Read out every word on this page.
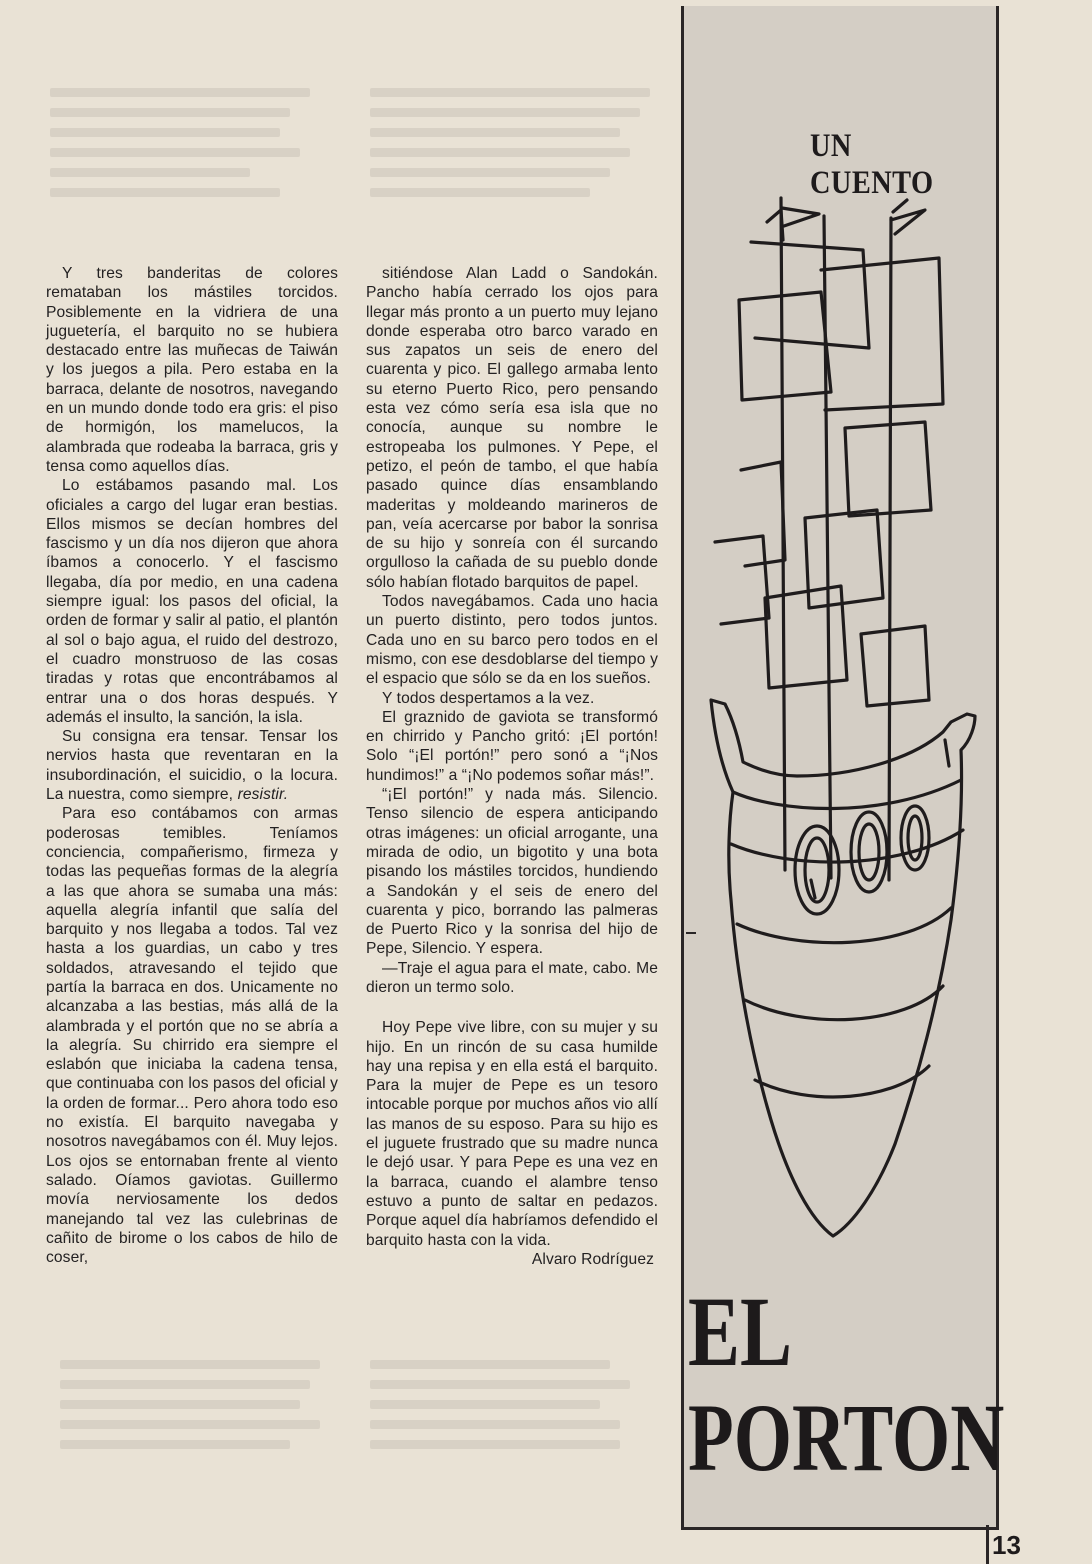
UN CUENTO

Y tres banderitas de colores remataban los mástiles torcidos. Posiblemente en la vidriera de una juguetería, el barquito no se hubiera destacado entre las muñecas de Taiwán y los juegos a pila. Pero estaba en la barraca, delante de nosotros, navegando en un mundo donde todo era gris: el piso de hormigón, los mamelucos, la alambrada que rodeaba la barraca, gris y tensa como aquellos días.

Lo estábamos pasando mal. Los oficiales a cargo del lugar eran bestias. Ellos mismos se decían hombres del fascismo y un día nos dijeron que ahora íbamos a conocerlo. Y el fascismo llegaba, día por medio, en una cadena siempre igual: los pasos del oficial, la orden de formar y salir al patio, el plantón al sol o bajo agua, el ruido del destrozo, el cuadro monstruoso de las cosas tiradas y rotas que encontrábamos al entrar una o dos horas después. Y además el insulto, la sanción, la isla.

Su consigna era tensar. Tensar los nervios hasta que reventaran en la insubordinación, el suicidio, o la locura. La nuestra, como siempre, resistir.

Para eso contábamos con armas poderosas temibles. Teníamos conciencia, compañerismo, firmeza y todas las pequeñas formas de la alegría a las que ahora se sumaba una más: aquella alegría infantil que salía del barquito y nos llegaba a todos. Tal vez hasta a los guardias, un cabo y tres soldados, atravesando el tejido que partía la barraca en dos. Unicamente no alcanzaba a las bestias, más allá de la alambrada y el portón que no se abría a la alegría. Su chirrido era siempre el eslabón que iniciaba la cadena tensa, que continuaba con los pasos del oficial y la orden de formar... Pero ahora todo eso no existía. El barquito navegaba y nosotros navegábamos con él. Muy lejos. Los ojos se entornaban frente al viento salado. Oíamos gaviotas. Guillermo movía nerviosamente los dedos manejando tal vez las culebrinas de cañito de birome o los cabos de hilo de coser,

sitiéndose Alan Ladd o Sandokán. Pancho había cerrado los ojos para llegar más pronto a un puerto muy lejano donde esperaba otro barco varado en sus zapatos un seis de enero del cuarenta y pico. El gallego armaba lento su eterno Puerto Rico, pero pensando esta vez cómo sería esa isla que no conocía, aunque su nombre le estropeaba los pulmones. Y Pepe, el petizo, el peón de tambo, el que había pasado quince días ensamblando maderitas y moldeando marineros de pan, veía acercarse por babor la sonrisa de su hijo y sonreía con él surcando orgulloso la cañada de su pueblo donde sólo habían flotado barquitos de papel.

Todos navegábamos. Cada uno hacia un puerto distinto, pero todos juntos. Cada uno en su barco pero todos en el mismo, con ese desdoblarse del tiempo y el espacio que sólo se da en los sueños.

Y todos despertamos a la vez.

El graznido de gaviota se transformó en chirrido y Pancho gritó: ¡El portón! Solo “¡El portón!” pero sonó a “¡Nos hundimos!” a “¡No podemos soñar más!”.

“¡El portón!” y nada más. Silencio. Tenso silencio de espera anticipando otras imágenes: un oficial arrogante, una mirada de odio, un bigotito y una bota pisando los mástiles torcidos, hundiendo a Sandokán y el seis de enero del cuarenta y pico, borrando las palmeras de Puerto Rico y la sonrisa del hijo de Pepe, Silencio. Y espera.

—Traje el agua para el mate, cabo. Me dieron un termo solo.

Hoy Pepe vive libre, con su mujer y su hijo. En un rincón de su casa humilde hay una repisa y en ella está el barquito. Para la mujer de Pepe es un tesoro intocable porque por muchos años vio allí las manos de su esposo. Para su hijo es el juguete frustrado que su madre nunca le dejó usar. Y para Pepe es una vez en la barraca, cuando el alambre tenso estuvo a punto de saltar en pedazos. Porque aquel día habríamos defendido el barquito hasta con la vida.

Alvaro Rodríguez

EL
PORTON
13
